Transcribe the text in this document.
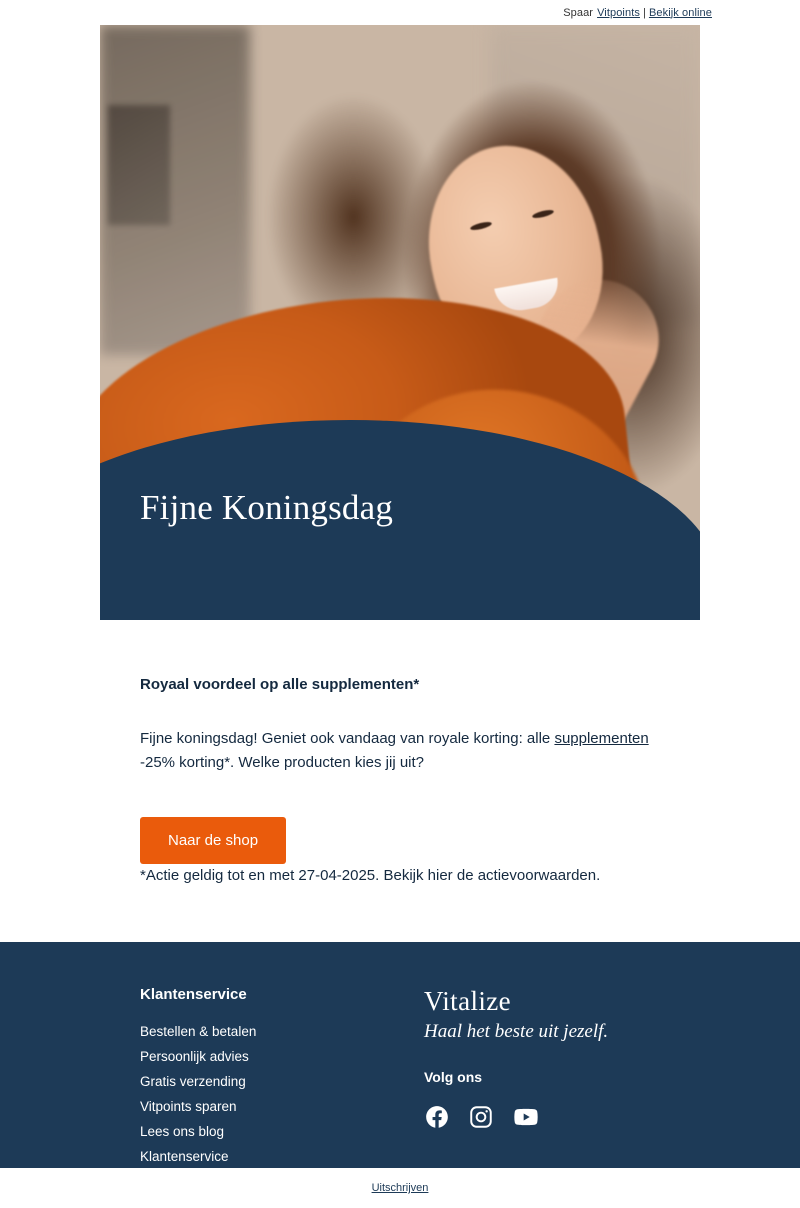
Spaar Vitpoints | Bekijk online
Fijne Koningsdag
Royaal voordeel op alle supplementen*

Fijne koningsdag! Geniet ook vandaag van royale korting: alle supplementen
-25% korting*. Welke producten kies jij uit?

Naar de shop

*Actie geldig tot en met 27-04-2025. Bekijk hier de actievoorwaarden.

Klantenservice
Bestellen & betalen
Persoonlijk advies
Gratis verzending
Vitpoints sparen
Lees ons blog
Klantenservice

Vitalize

Haal het beste uit jezelf.

Volg ons

Uitschrijven
